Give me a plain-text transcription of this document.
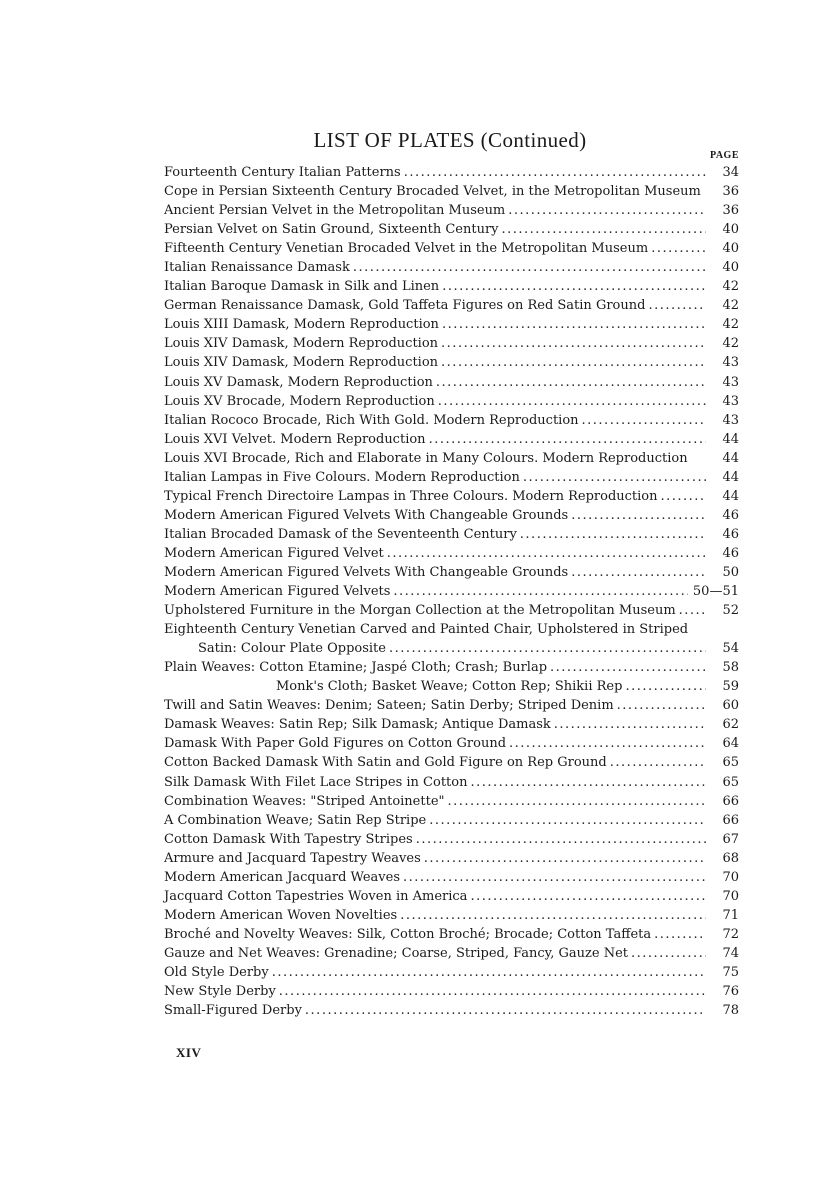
LIST OF PLATES (Continued)
PAGE
Fourteenth Century Italian Patterns .....	34
Cope in Persian Sixteenth Century Brocaded Velvet, in the Metropolitan Museum	36
Ancient Persian Velvet in the Metropolitan Museum .....	36
Persian Velvet on Satin Ground, Sixteenth Century .....	40
Fifteenth Century Venetian Brocaded Velvet in the Metropolitan Museum .....	40
Italian Renaissance Damask .....	40
Italian Baroque Damask in Silk and Linen .....	42
German Renaissance Damask, Gold Taffeta Figures on Red Satin Ground .....	42
Louis XIII Damask, Modern Reproduction .....	42
Louis XIV Damask, Modern Reproduction .....	42
Louis XIV Damask, Modern Reproduction .....	43
Louis XV Damask, Modern Reproduction .....	43
Louis XV Brocade, Modern Reproduction .....	43
Italian Rococo Brocade, Rich With Gold. Modern Reproduction .....	43
Louis XVI Velvet. Modern Reproduction .....	44
Louis XVI Brocade, Rich and Elaborate in Many Colours. Modern Reproduction	44
Italian Lampas in Five Colours. Modern Reproduction .....	44
Typical French Directoire Lampas in Three Colours. Modern Reproduction .....	44
Modern American Figured Velvets With Changeable Grounds .....	46
Italian Brocaded Damask of the Seventeenth Century .....	46
Modern American Figured Velvet .....	46
Modern American Figured Velvets With Changeable Grounds .....	50
Modern American Figured Velvets .....	50—51
Upholstered Furniture in the Morgan Collection at the Metropolitan Museum .....	52
Eighteenth Century Venetian Carved and Painted Chair, Upholstered in Striped
Satin: Colour Plate Opposite .....	54
Plain Weaves: Cotton Etamine; Jaspé Cloth; Crash; Burlap .....	58
Monk's Cloth; Basket Weave; Cotton Rep; Shikii Rep .....	59
Twill and Satin Weaves: Denim; Sateen; Satin Derby; Striped Denim .....	60
Damask Weaves: Satin Rep; Silk Damask; Antique Damask .....	62
Damask With Paper Gold Figures on Cotton Ground .....	64
Cotton Backed Damask With Satin and Gold Figure on Rep Ground .....	65
Silk Damask With Filet Lace Stripes in Cotton .....	65
Combination Weaves: "Striped Antoinette" .....	66
A Combination Weave; Satin Rep Stripe .....	66
Cotton Damask With Tapestry Stripes .....	67
Armure and Jacquard Tapestry Weaves .....	68
Modern American Jacquard Weaves .....	70
Jacquard Cotton Tapestries Woven in America .....	70
Modern American Woven Novelties .....	71
Broché and Novelty Weaves: Silk, Cotton Broché; Brocade; Cotton Taffeta .....	72
Gauze and Net Weaves: Grenadine; Coarse, Striped, Fancy, Gauze Net .....	74
Old Style Derby .....	75
New Style Derby .....	76
Small-Figured Derby .....	78
XIV
